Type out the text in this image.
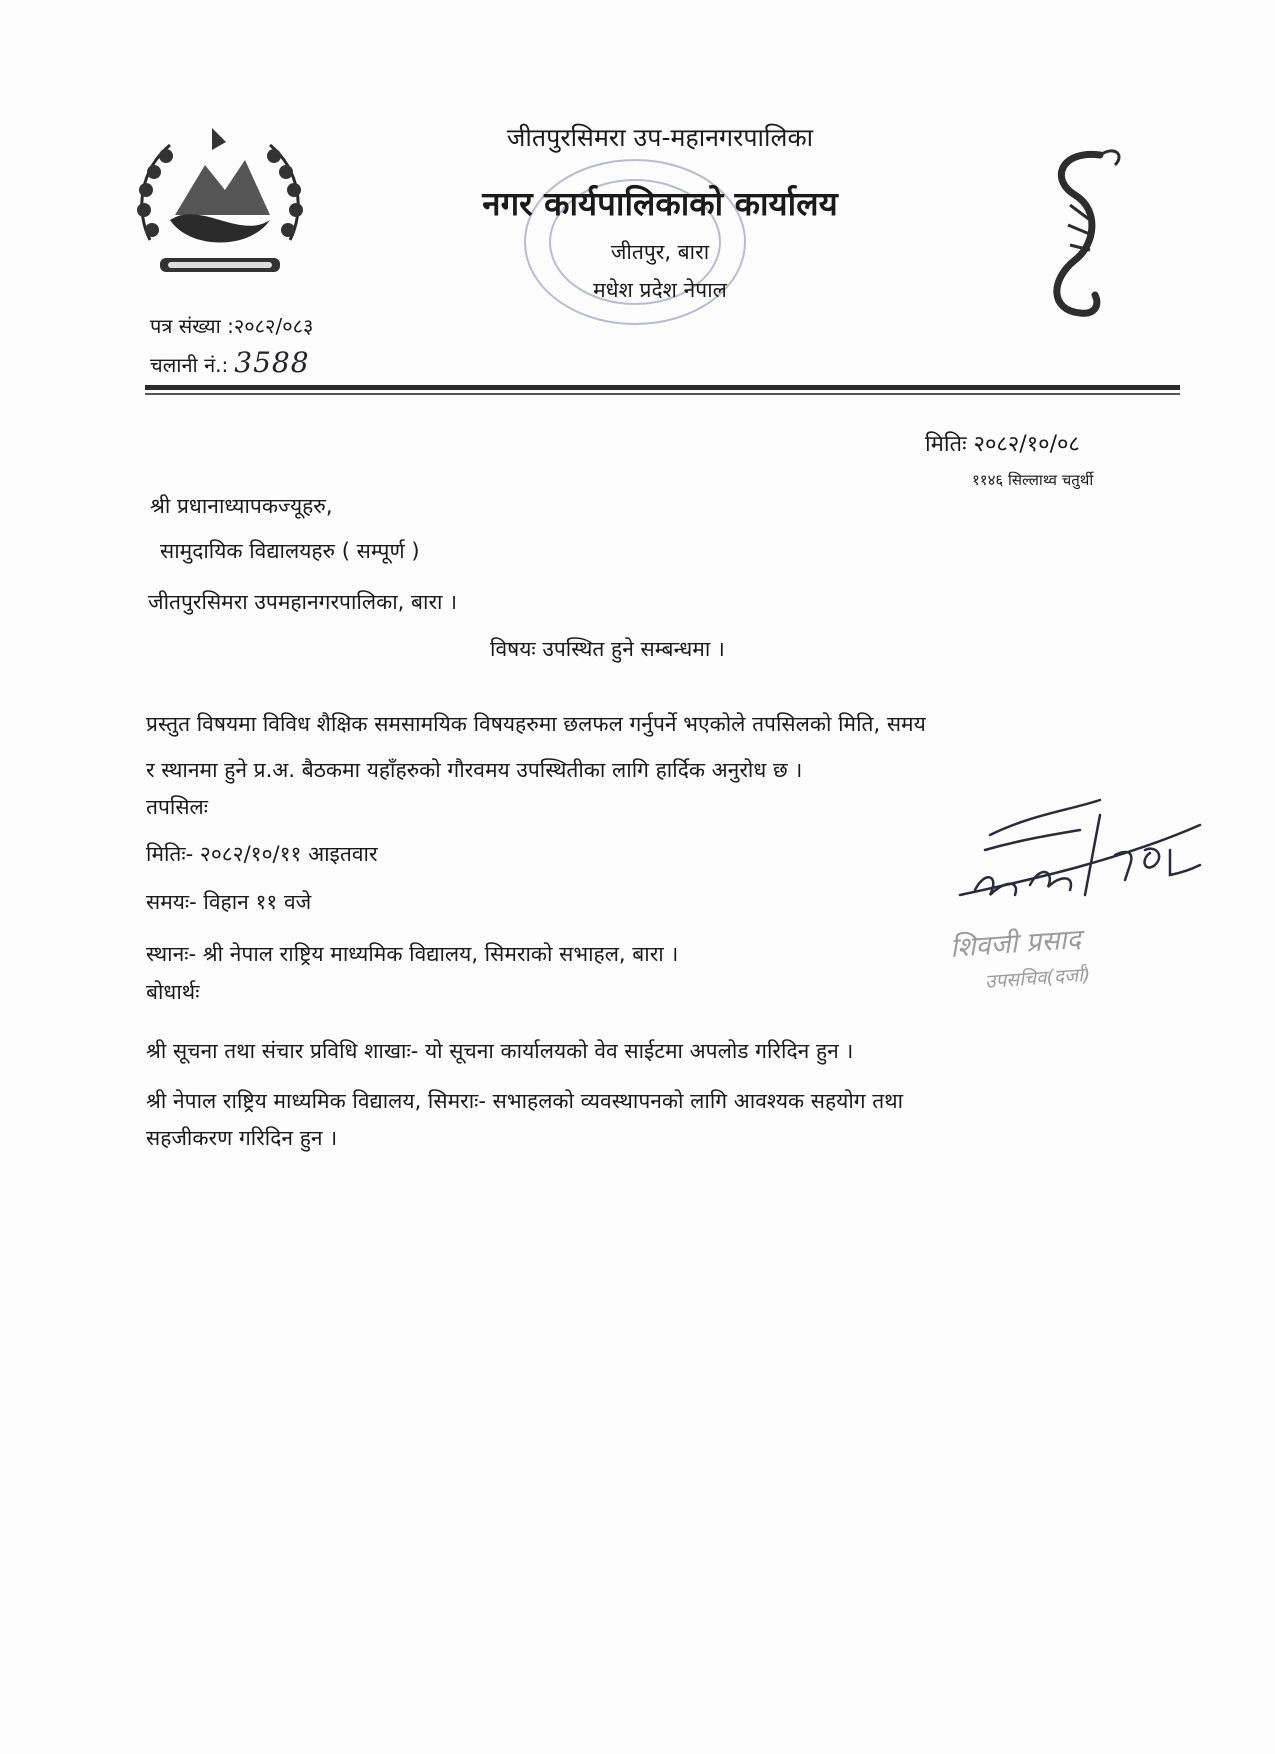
जीतपुरसिमरा उप-महानगरपालिका
नगर कार्यपालिकाको कार्यालय
जीतपुर, बारा
मधेश प्रदेश नेपाल
पत्र संख्या :२०८२/०८३
चलानी नं.: 3588
मितिः २०८२/१०/०८
११४६ सिल्लाथ्व चतुर्थी
श्री प्रधानाध्यापकज्यूहरु,
सामुदायिक विद्यालयहरु ( सम्पूर्ण )
जीतपुरसिमरा उपमहानगरपालिका, बारा ।
विषयः उपस्थित हुने सम्बन्धमा ।
प्रस्तुत विषयमा विविध शैक्षिक समसामयिक विषयहरुमा छलफल गर्नुपर्ने भएकोले तपसिलको मिति, समय
र स्थानमा हुने प्र.अ. बैठकमा यहाँहरुको गौरवमय उपस्थितीका लागि हार्दिक अनुरोध छ ।
तपसिलः
मितिः- २०८२/१०/११ आइतवार
समयः- विहान ११ वजे
स्थानः- श्री नेपाल राष्ट्रिय माध्यमिक विद्यालय, सिमराको सभाहल, बारा ।
बोधार्थः
श्री सूचना तथा संचार प्रविधि शाखाः- यो सूचना कार्यालयको वेव साईटमा अपलोड गरिदिन हुन ।
श्री नेपाल राष्ट्रिय माध्यमिक विद्यालय, सिमराः- सभाहलको व्यवस्थापनको लागि आवश्यक सहयोग तथा
सहजीकरण गरिदिन हुन ।
शिवजी प्रसाद
उपसचिव(दर्जा)
